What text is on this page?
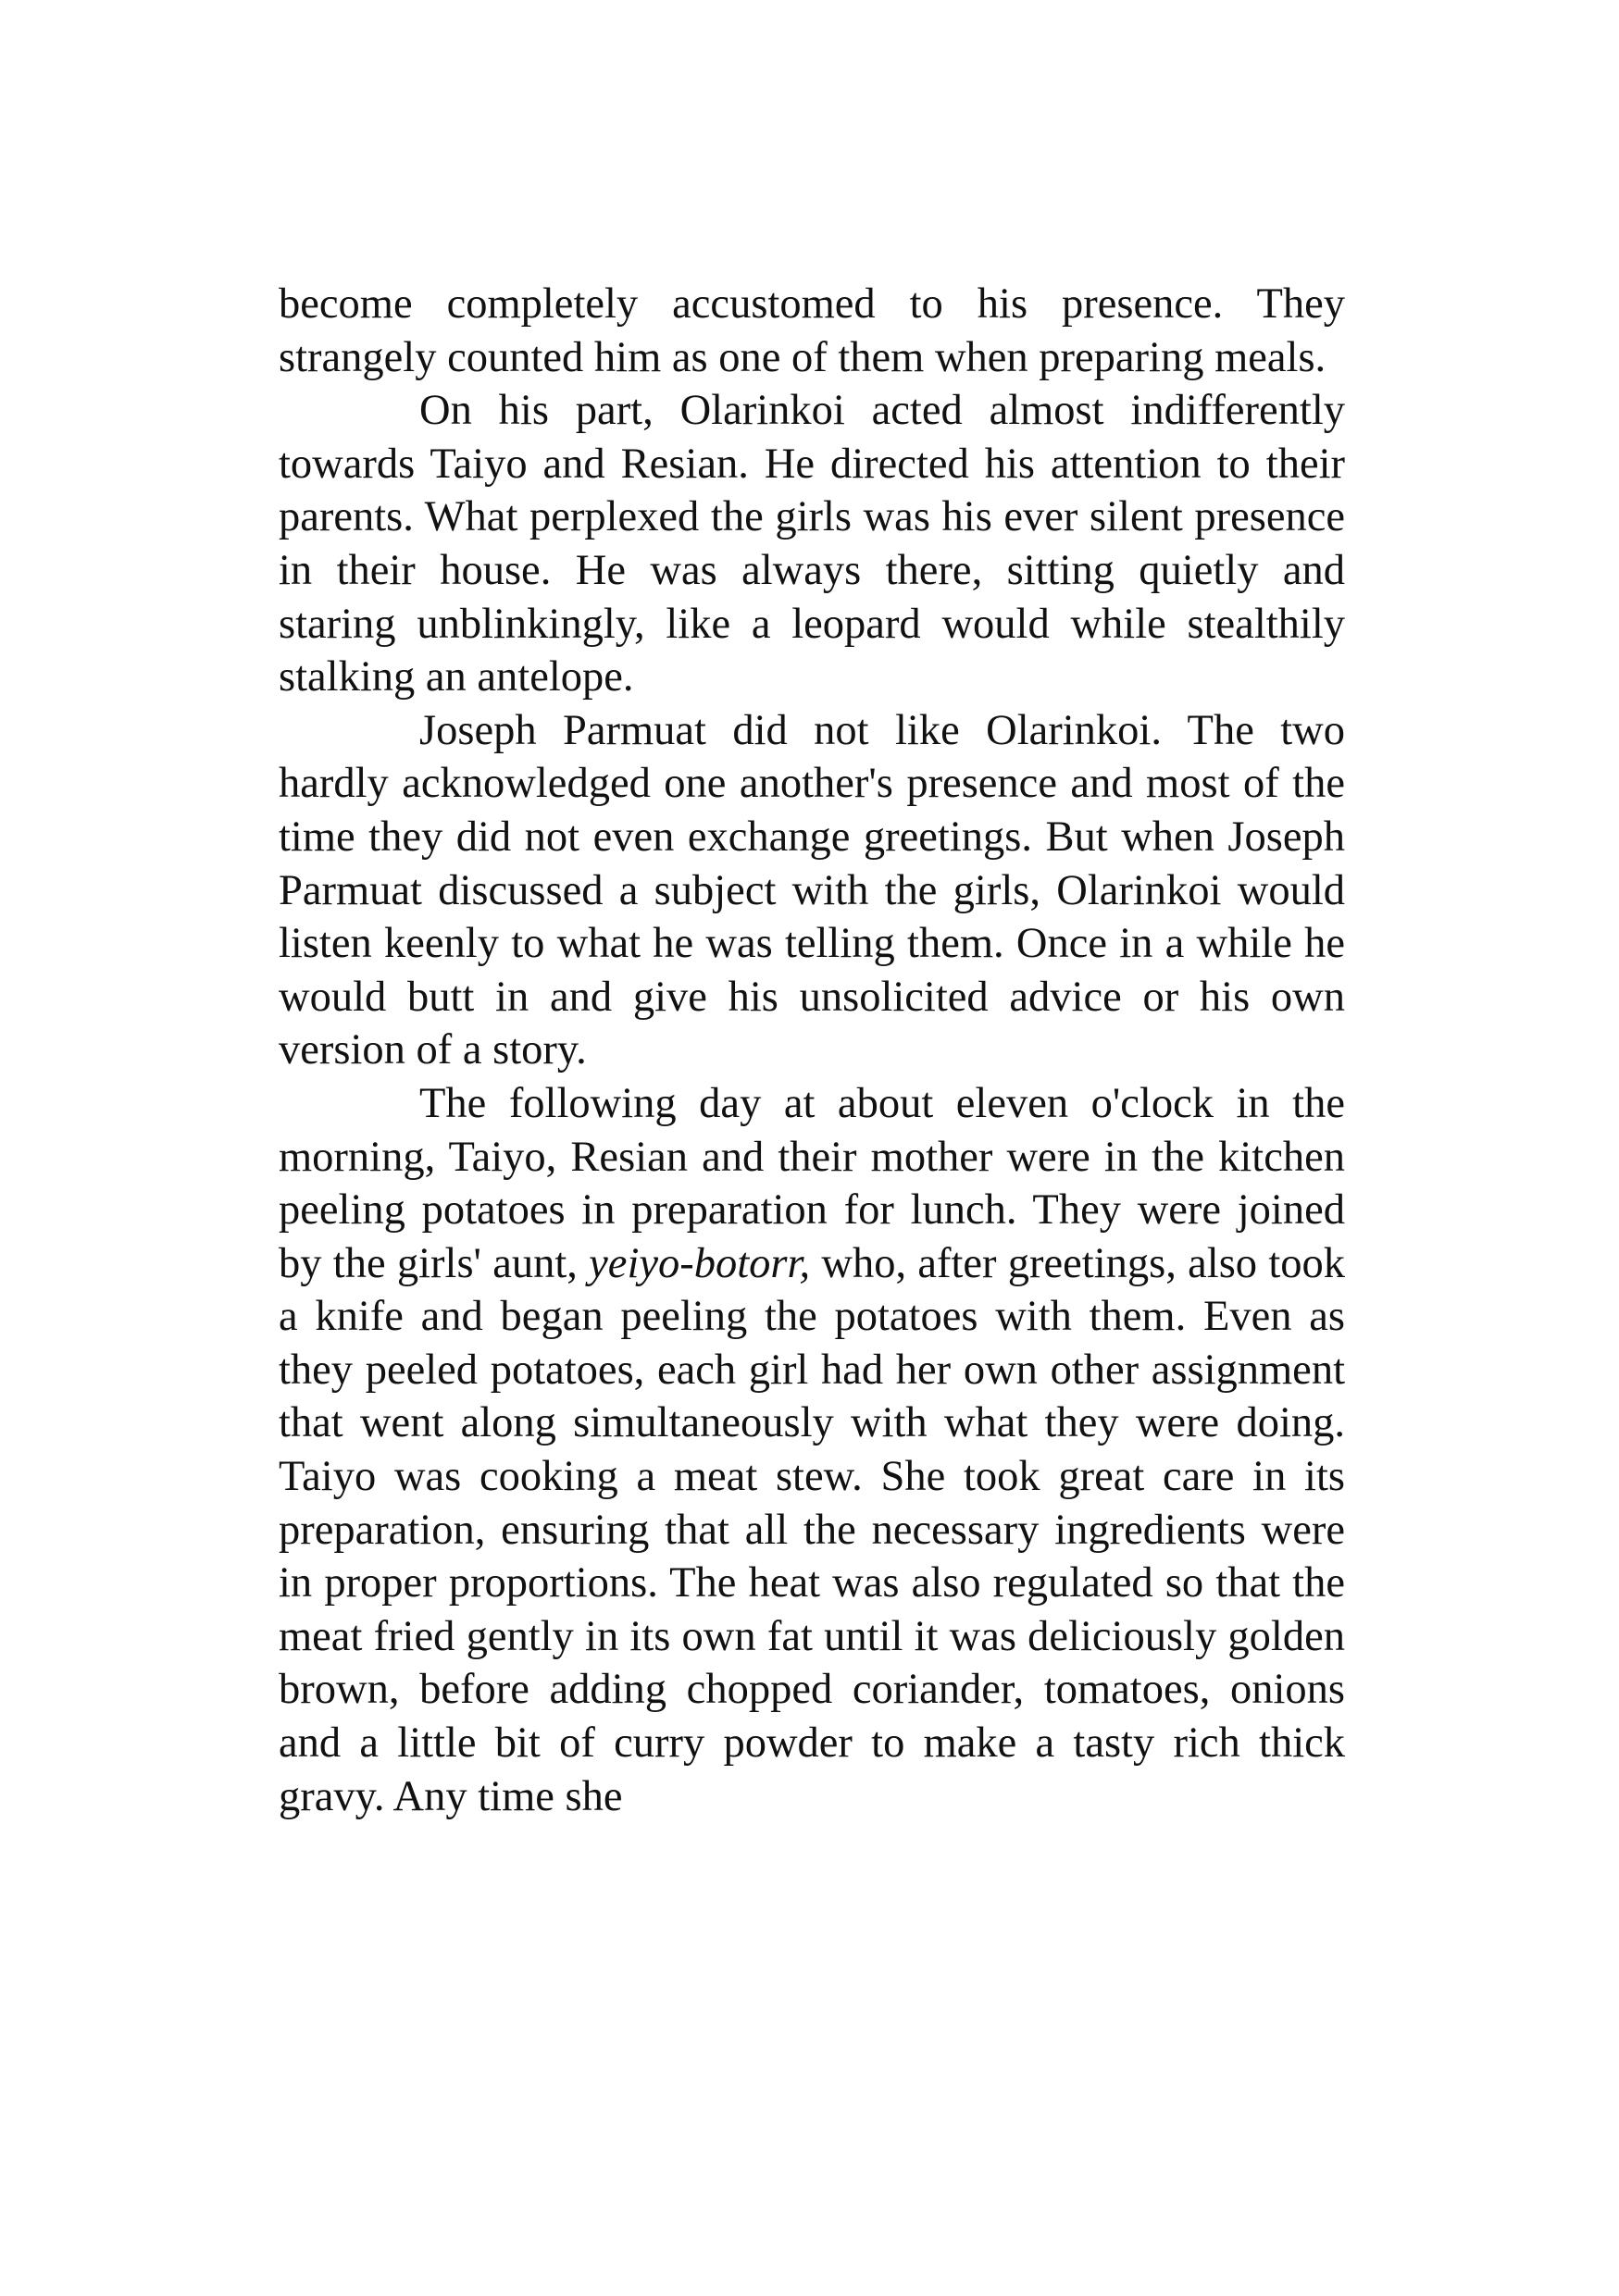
become completely accustomed to his presence. They strangely counted him as one of them when preparing meals.

On his part, Olarinkoi acted almost indifferently towards Taiyo and Resian. He directed his attention to their parents. What perplexed the girls was his ever silent presence in their house. He was always there, sitting quietly and staring unblinkingly, like a leopard would while stealthily stalking an antelope.

Joseph Parmuat did not like Olarinkoi. The two hardly acknowledged one another's presence and most of the time they did not even exchange greetings. But when Joseph Parmuat discussed a subject with the girls, Olarinkoi would listen keenly to what he was telling them. Once in a while he would butt in and give his unsolicited advice or his own version of a story.

The following day at about eleven o'clock in the morning, Taiyo, Resian and their mother were in the kitchen peeling potatoes in preparation for lunch. They were joined by the girls' aunt, yeiyo-botorr, who, after greetings, also took a knife and began peeling the potatoes with them. Even as they peeled potatoes, each girl had her own other assignment that went along simultaneously with what they were doing. Taiyo was cooking a meat stew. She took great care in its preparation, ensuring that all the necessary ingredients were in proper proportions. The heat was also regulated so that the meat fried gently in its own fat until it was deliciously golden brown, before adding chopped coriander, tomatoes, onions and a little bit of curry powder to make a tasty rich thick gravy. Any time she
